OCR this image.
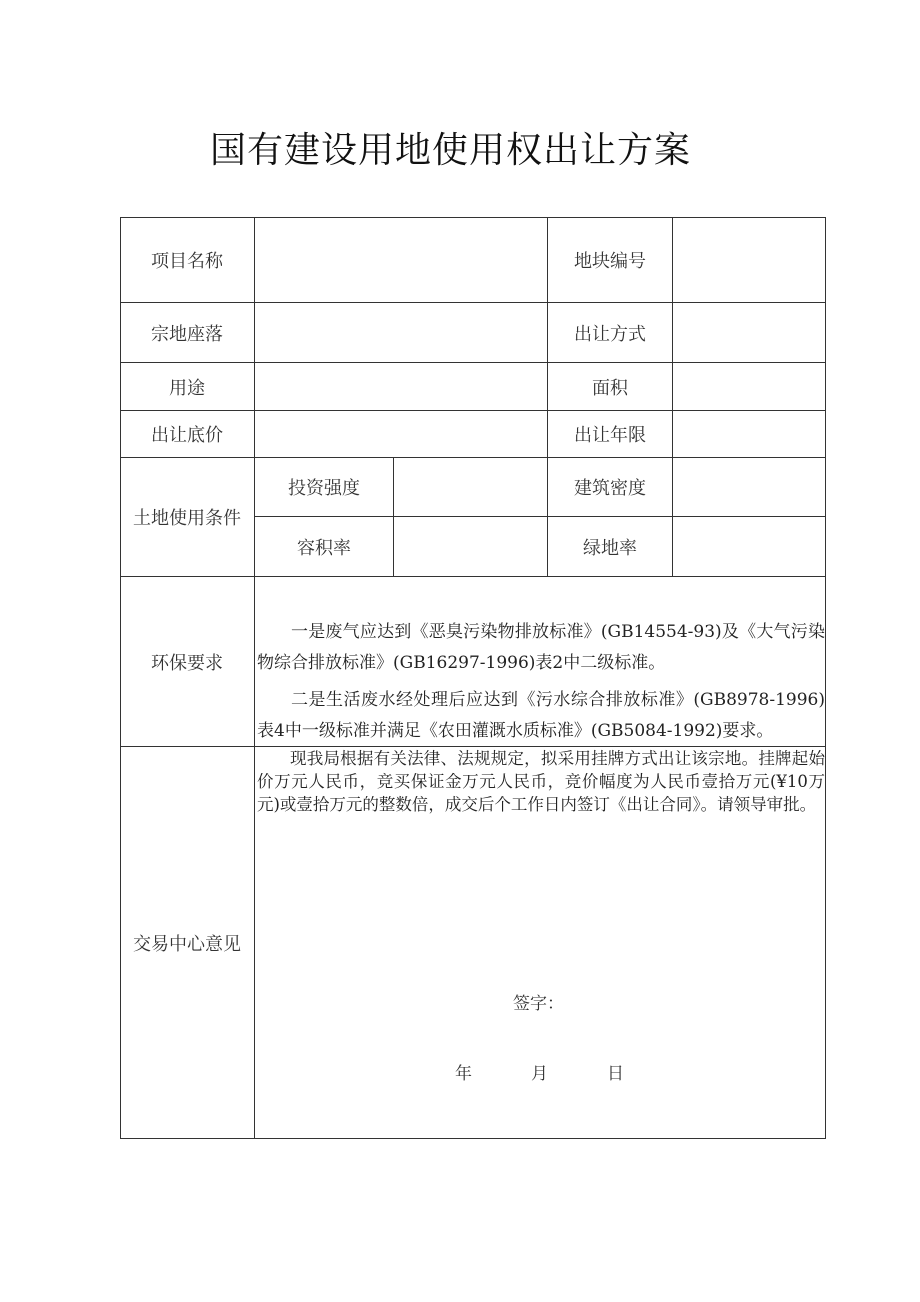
国有建设用地使用权出让方案
项目名称	地块编号
宗地座落	出让方式
用途	面积
出让底价	出让年限
土地使用条件
投资强度	建筑密度
容积率	绿地率
环保要求

一是废气应达到《恶臭污染物排放标准》(GB14554-93)及《大气污染物综合排放标准》(GB16297-1996)表2中二级标准。

二是生活废水经处理后应达到《污水综合排放标准》(GB8978-1996)表4中一级标准并满足《农田灌溉水质标准》(GB5084-1992)要求。

交易中心意见

现我局根据有关法律、法规规定，拟采用挂牌方式出让该宗地。挂牌起始价万元人民币，竞买保证金万元人民币，竞价幅度为人民币壹拾万元(¥10万元)或壹拾万元的整数倍，成交后个工作日内签订《出让合同》。请领导审批。

签字：
年	月	日
